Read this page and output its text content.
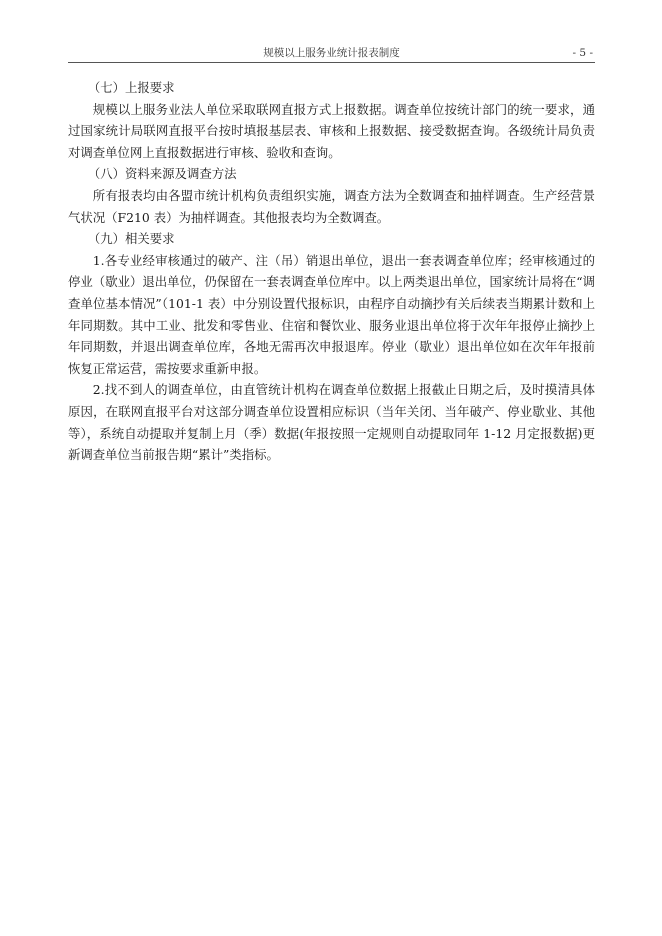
规模以上服务业统计报表制度	- 5 -

（七）上报要求

规模以上服务业法人单位采取联网直报方式上报数据。调查单位按统计部门的统一要求，通过国家统计局联网直报平台按时填报基层表、审核和上报数据、接受数据查询。各级统计局负责对调查单位网上直报数据进行审核、验收和查询。

（八）资料来源及调查方法

所有报表均由各盟市统计机构负责组织实施，调查方法为全数调查和抽样调查。生产经营景气状况（F210 表）为抽样调查。其他报表均为全数调查。

（九）相关要求

1.各专业经审核通过的破产、注（吊）销退出单位，退出一套表调查单位库；经审核通过的停业（歇业）退出单位，仍保留在一套表调查单位库中。以上两类退出单位，国家统计局将在“调查单位基本情况”（101-1 表）中分别设置代报标识，由程序自动摘抄有关后续表当期累计数和上年同期数。其中工业、批发和零售业、住宿和餐饮业、服务业退出单位将于次年年报停止摘抄上年同期数，并退出调查单位库，各地无需再次申报退库。停业（歇业）退出单位如在次年年报前恢复正常运营，需按要求重新申报。

2.找不到人的调查单位，由直管统计机构在调查单位数据上报截止日期之后，及时摸清具体原因，在联网直报平台对这部分调查单位设置相应标识（当年关闭、当年破产、停业歇业、其他等），系统自动提取并复制上月（季）数据(年报按照一定规则自动提取同年 1-12 月定报数据)更新调查单位当前报告期“累计”类指标。
